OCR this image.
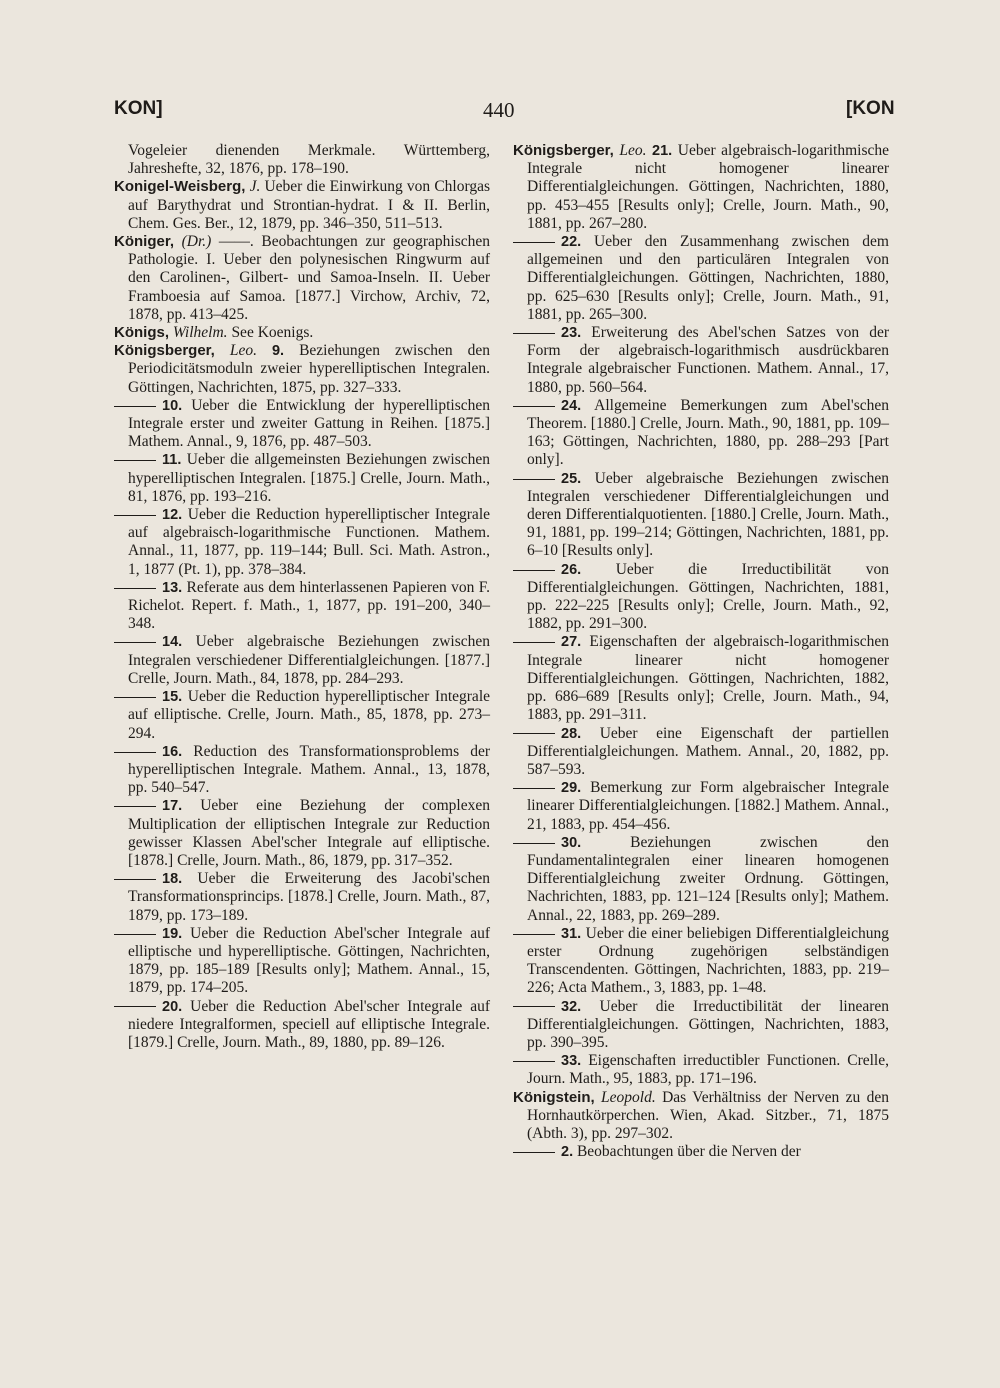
KON]	440	[KON

Vogeleier dienenden Merkmale. Württemberg, Jahreshefte, 32, 1876, pp. 178–190.

Konigel-Weisberg, J. Ueber die Einwirkung von Chlorgas auf Barythydrat und Strontian-hydrat. I & II. Berlin, Chem. Ges. Ber., 12, 1879, pp. 346–350, 511–513.

Königer, (Dr.) ——. Beobachtungen zur geographischen Pathologie. I. Ueber den polynesischen Ringwurm auf den Carolinen-, Gilbert- und Samoa-Inseln. II. Ueber Framboesia auf Samoa. [1877.] Virchow, Archiv, 72, 1878, pp. 413–425.

Königs, Wilhelm. See Koenigs.

Königsberger, Leo. 9. Beziehungen zwischen den Periodicitätsmoduln zweier hyperelliptischen Integralen. Göttingen, Nachrichten, 1875, pp. 327–333.

10. Ueber die Entwicklung der hyperelliptischen Integrale erster und zweiter Gattung in Reihen. [1875.] Mathem. Annal., 9, 1876, pp. 487–503.

11. Ueber die allgemeinsten Beziehungen zwischen hyperelliptischen Integralen. [1875.] Crelle, Journ. Math., 81, 1876, pp. 193–216.

12. Ueber die Reduction hyperelliptischer Integrale auf algebraisch-logarithmische Functionen. Mathem. Annal., 11, 1877, pp. 119–144; Bull. Sci. Math. Astron., 1, 1877 (Pt. 1), pp. 378–384.

13. Referate aus dem hinterlassenen Papieren von F. Richelot. Repert. f. Math., 1, 1877, pp. 191–200, 340–348.

14. Ueber algebraische Beziehungen zwischen Integralen verschiedener Differentialgleichungen. [1877.] Crelle, Journ. Math., 84, 1878, pp. 284–293.

15. Ueber die Reduction hyperelliptischer Integrale auf elliptische. Crelle, Journ. Math., 85, 1878, pp. 273–294.

16. Reduction des Transformationsproblems der hyperelliptischen Integrale. Mathem. Annal., 13, 1878, pp. 540–547.

17. Ueber eine Beziehung der complexen Multiplication der elliptischen Integrale zur Reduction gewisser Klassen Abel'scher Integrale auf elliptische. [1878.] Crelle, Journ. Math., 86, 1879, pp. 317–352.

18. Ueber die Erweiterung des Jacobi'schen Transformationsprincips. [1878.] Crelle, Journ. Math., 87, 1879, pp. 173–189.

19. Ueber die Reduction Abel'scher Integrale auf elliptische und hyperelliptische. Göttingen, Nachrichten, 1879, pp. 185–189 [Results only]; Mathem. Annal., 15, 1879, pp. 174–205.

20. Ueber die Reduction Abel'scher Integrale auf niedere Integralformen, speciell auf elliptische Integrale. [1879.] Crelle, Journ. Math., 89, 1880, pp. 89–126.

Königsberger, Leo. 21. Ueber algebraisch-logarithmische Integrale nicht homogener linearer Differentialgleichungen. Göttingen, Nachrichten, 1880, pp. 453–455 [Results only]; Crelle, Journ. Math., 90, 1881, pp. 267–280.

22. Ueber den Zusammenhang zwischen dem allgemeinen und den particulären Integralen von Differentialgleichungen. Göttingen, Nachrichten, 1880, pp. 625–630 [Results only]; Crelle, Journ. Math., 91, 1881, pp. 265–300.

23. Erweiterung des Abel'schen Satzes von der Form der algebraisch-logarithmisch ausdrückbaren Integrale algebraischer Functionen. Mathem. Annal., 17, 1880, pp. 560–564.

24. Allgemeine Bemerkungen zum Abel'schen Theorem. [1880.] Crelle, Journ. Math., 90, 1881, pp. 109–163; Göttingen, Nachrichten, 1880, pp. 288–293 [Part only].

25. Ueber algebraische Beziehungen zwischen Integralen verschiedener Differentialgleichungen und deren Differentialquotienten. [1880.] Crelle, Journ. Math., 91, 1881, pp. 199–214; Göttingen, Nachrichten, 1881, pp. 6–10 [Results only].

26. Ueber die Irreductibilität von Differentialgleichungen. Göttingen, Nachrichten, 1881, pp. 222–225 [Results only]; Crelle, Journ. Math., 92, 1882, pp. 291–300.

27. Eigenschaften der algebraisch-logarithmischen Integrale linearer nicht homogener Differentialgleichungen. Göttingen, Nachrichten, 1882, pp. 686–689 [Results only]; Crelle, Journ. Math., 94, 1883, pp. 291–311.

28. Ueber eine Eigenschaft der partiellen Differentialgleichungen. Mathem. Annal., 20, 1882, pp. 587–593.

29. Bemerkung zur Form algebraischer Integrale linearer Differentialgleichungen. [1882.] Mathem. Annal., 21, 1883, pp. 454–456.

30.	Beziehungen zwischen den Fundamentalintegralen einer linearen homogenen Differentialgleichung zweiter Ordnung. Göttingen, Nachrichten, 1883, pp. 121–124 [Results only]; Mathem. Annal., 22, 1883, pp. 269–289.

31. Ueber die einer beliebigen Differentialgleichung erster Ordnung zugehörigen selbständigen Transcendenten. Göttingen, Nachrichten, 1883, pp. 219–226; Acta Mathem., 3, 1883, pp. 1–48.

32. Ueber die Irreductibilität der linearen Differentialgleichungen. Göttingen, Nachrichten, 1883, pp. 390–395.

33. Eigenschaften irreductibler Functionen. Crelle, Journ. Math., 95, 1883, pp. 171–196.

Königstein, Leopold. Das Verhältniss der Nerven zu den Hornhautkörperchen. Wien, Akad. Sitzber., 71, 1875 (Abth. 3), pp. 297–302.

2. Beobachtungen über die Nerven der
